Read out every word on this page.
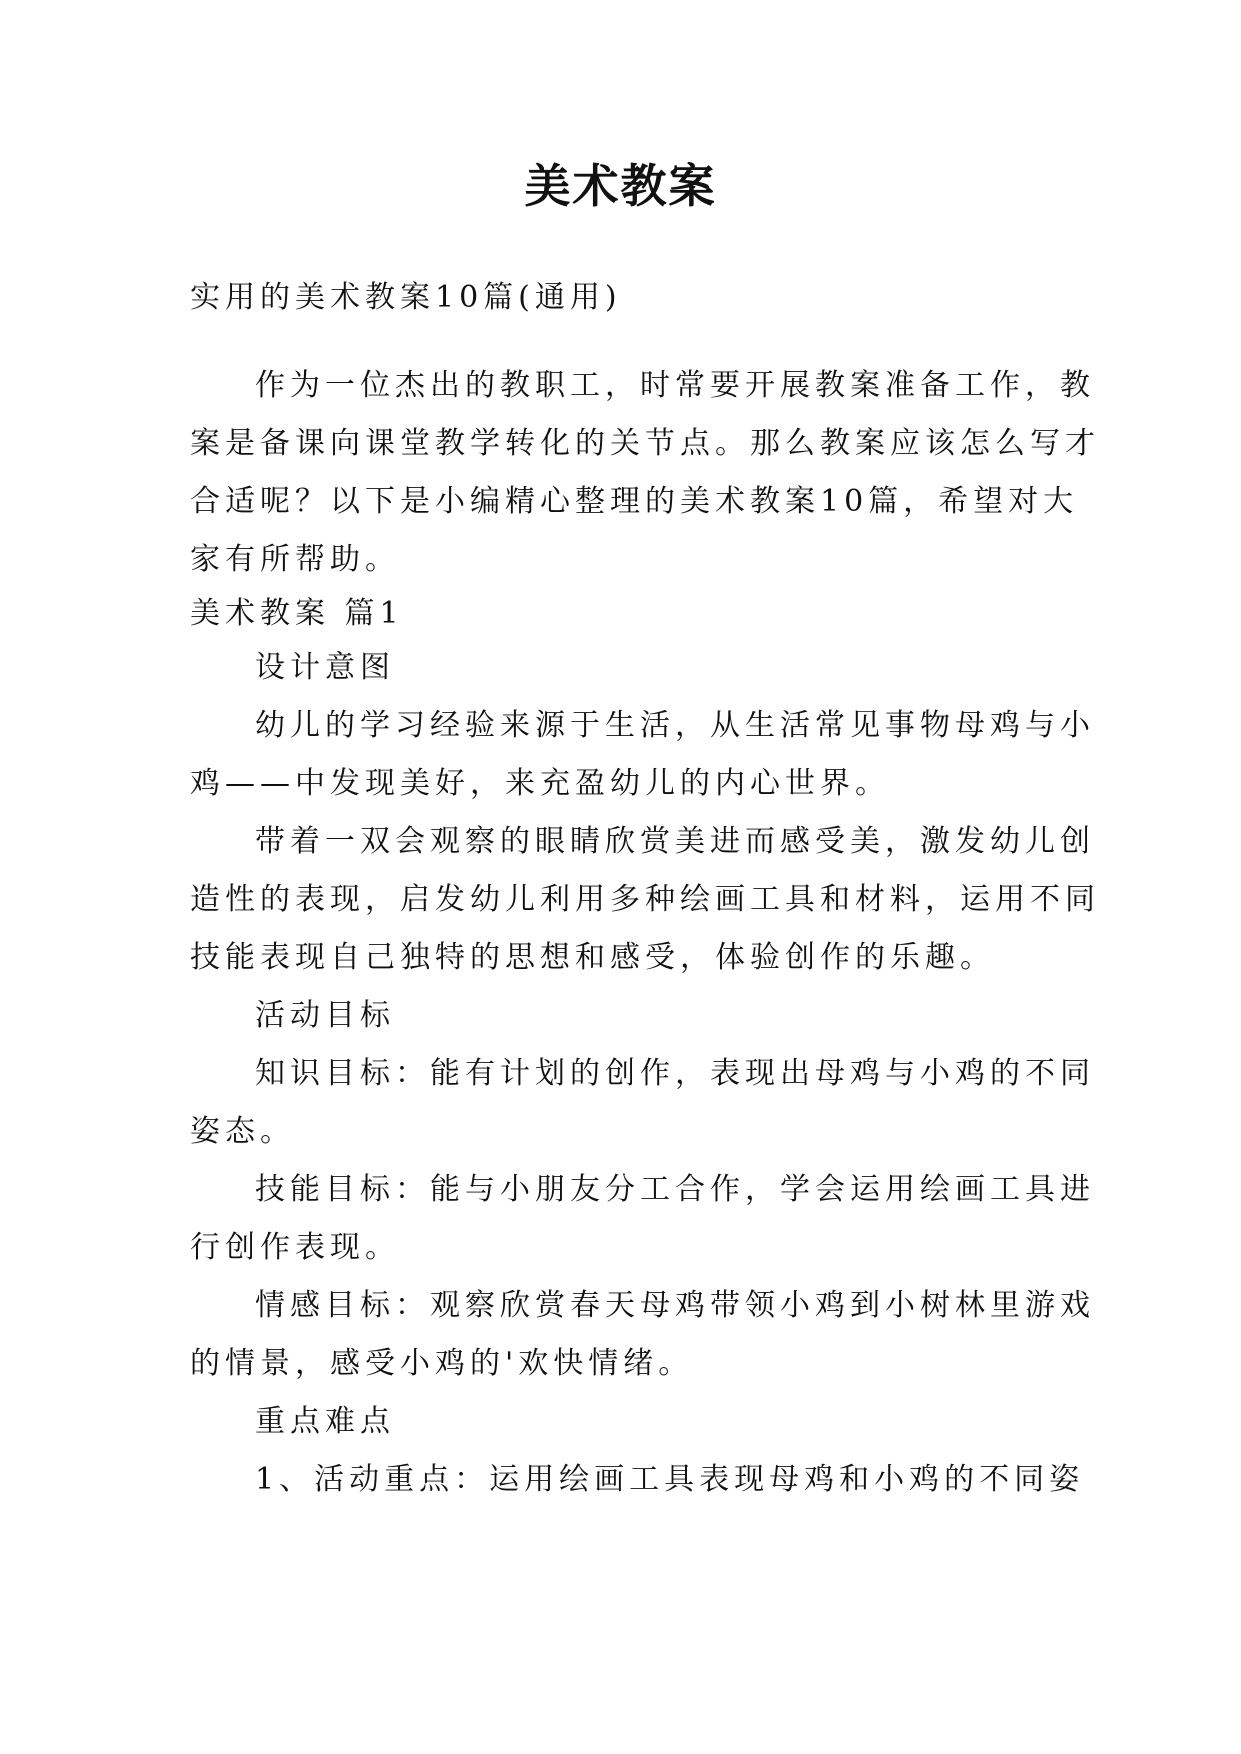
美术教案
实用的美术教案10篇(通用)
作为一位杰出的教职工，时常要开展教案准备工作，教
案是备课向课堂教学转化的关节点。那么教案应该怎么写才
合适呢？以下是小编精心整理的美术教案10篇，希望对大
家有所帮助。
美术教案 篇1
设计意图
幼儿的学习经验来源于生活，从生活常见事物母鸡与小
鸡——中发现美好，来充盈幼儿的内心世界。
带着一双会观察的眼睛欣赏美进而感受美，激发幼儿创
造性的表现，启发幼儿利用多种绘画工具和材料，运用不同
技能表现自己独特的思想和感受，体验创作的乐趣。
活动目标
知识目标：能有计划的创作，表现出母鸡与小鸡的不同
姿态。
技能目标：能与小朋友分工合作，学会运用绘画工具进
行创作表现。
情感目标：观察欣赏春天母鸡带领小鸡到小树林里游戏
的情景，感受小鸡的'欢快情绪。
重点难点
1、活动重点：运用绘画工具表现母鸡和小鸡的不同姿
